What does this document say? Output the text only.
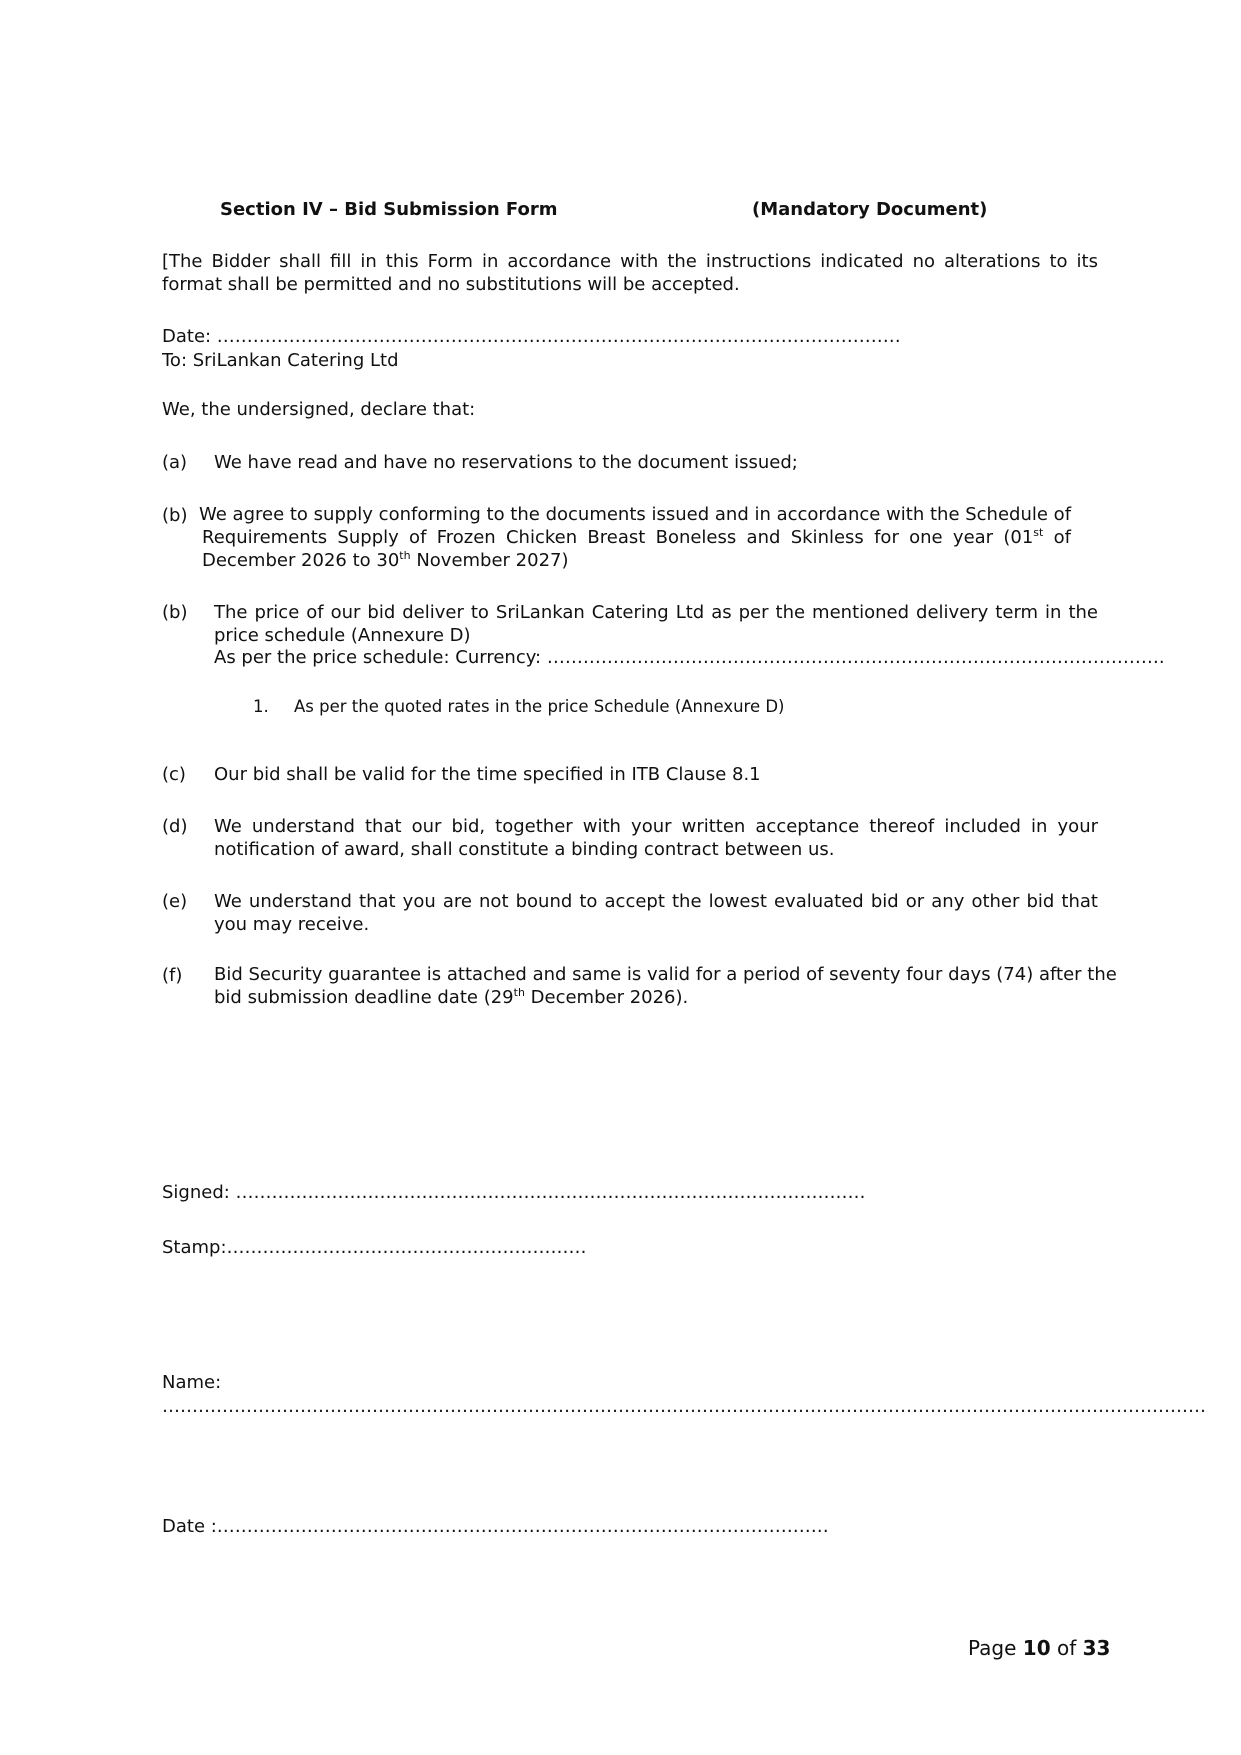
Section IV – Bid Submission Form	(Mandatory Document)
[The Bidder shall fill in this Form in accordance with the instructions indicated no alterations to its format shall be permitted and no substitutions will be accepted.
Date: ……………………………………………………………………………………………………
To: SriLankan Catering Ltd
We, the undersigned, declare that:
(a) We have read and have no reservations to the document issued;
(b) We agree to supply conforming to the documents issued and in accordance with the Schedule of
Requirements Supply of Frozen Chicken Breast Boneless and Skinless for one year (01st of
December 2026 to 30th November 2027)
(b) The price of our bid deliver to SriLankan Catering Ltd as per the mentioned delivery term in the price schedule (Annexure D)
As per the price schedule: Currency: ………………………………………………………………………………………….
1. As per the quoted rates in the price Schedule (Annexure D)
(c) Our bid shall be valid for the time specified in ITB Clause 8.1
(d) We understand that our bid, together with your written acceptance thereof included in your notification of award, shall constitute a binding contract between us.
(e) We understand that you are not bound to accept the lowest evaluated bid or any other bid that you may receive.
(f) Bid Security guarantee is attached and same is valid for a period of seventy four days (74) after the
bid submission deadline date (29th December 2026).
Signed: ……………………………………………………………………………………………
Stamp:……………………………………………………
Name:
…………………………………………………………………………………………………………………………………………………………
Date :…………………………………………………………………………………………
Page 10 of 33
